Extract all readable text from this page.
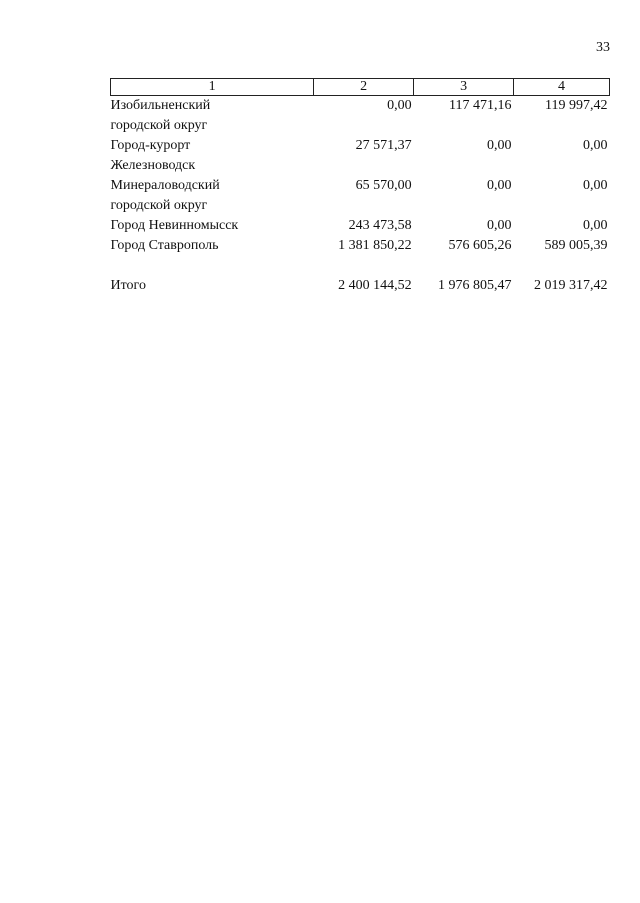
33
1	2	3	4

Изобильненский
городской округ	0,00	117 471,16	119 997,42

Город-курорт
Железноводск	27 571,37	0,00	0,00

Минераловодский
городской округ	65 570,00	0,00	0,00

Город Невинномысск	243 473,58	0,00	0,00

Город Ставрополь	1 381 850,22	576 605,26	589 005,39

Итого	2 400 144,52	1 976 805,47	2 019 317,42
